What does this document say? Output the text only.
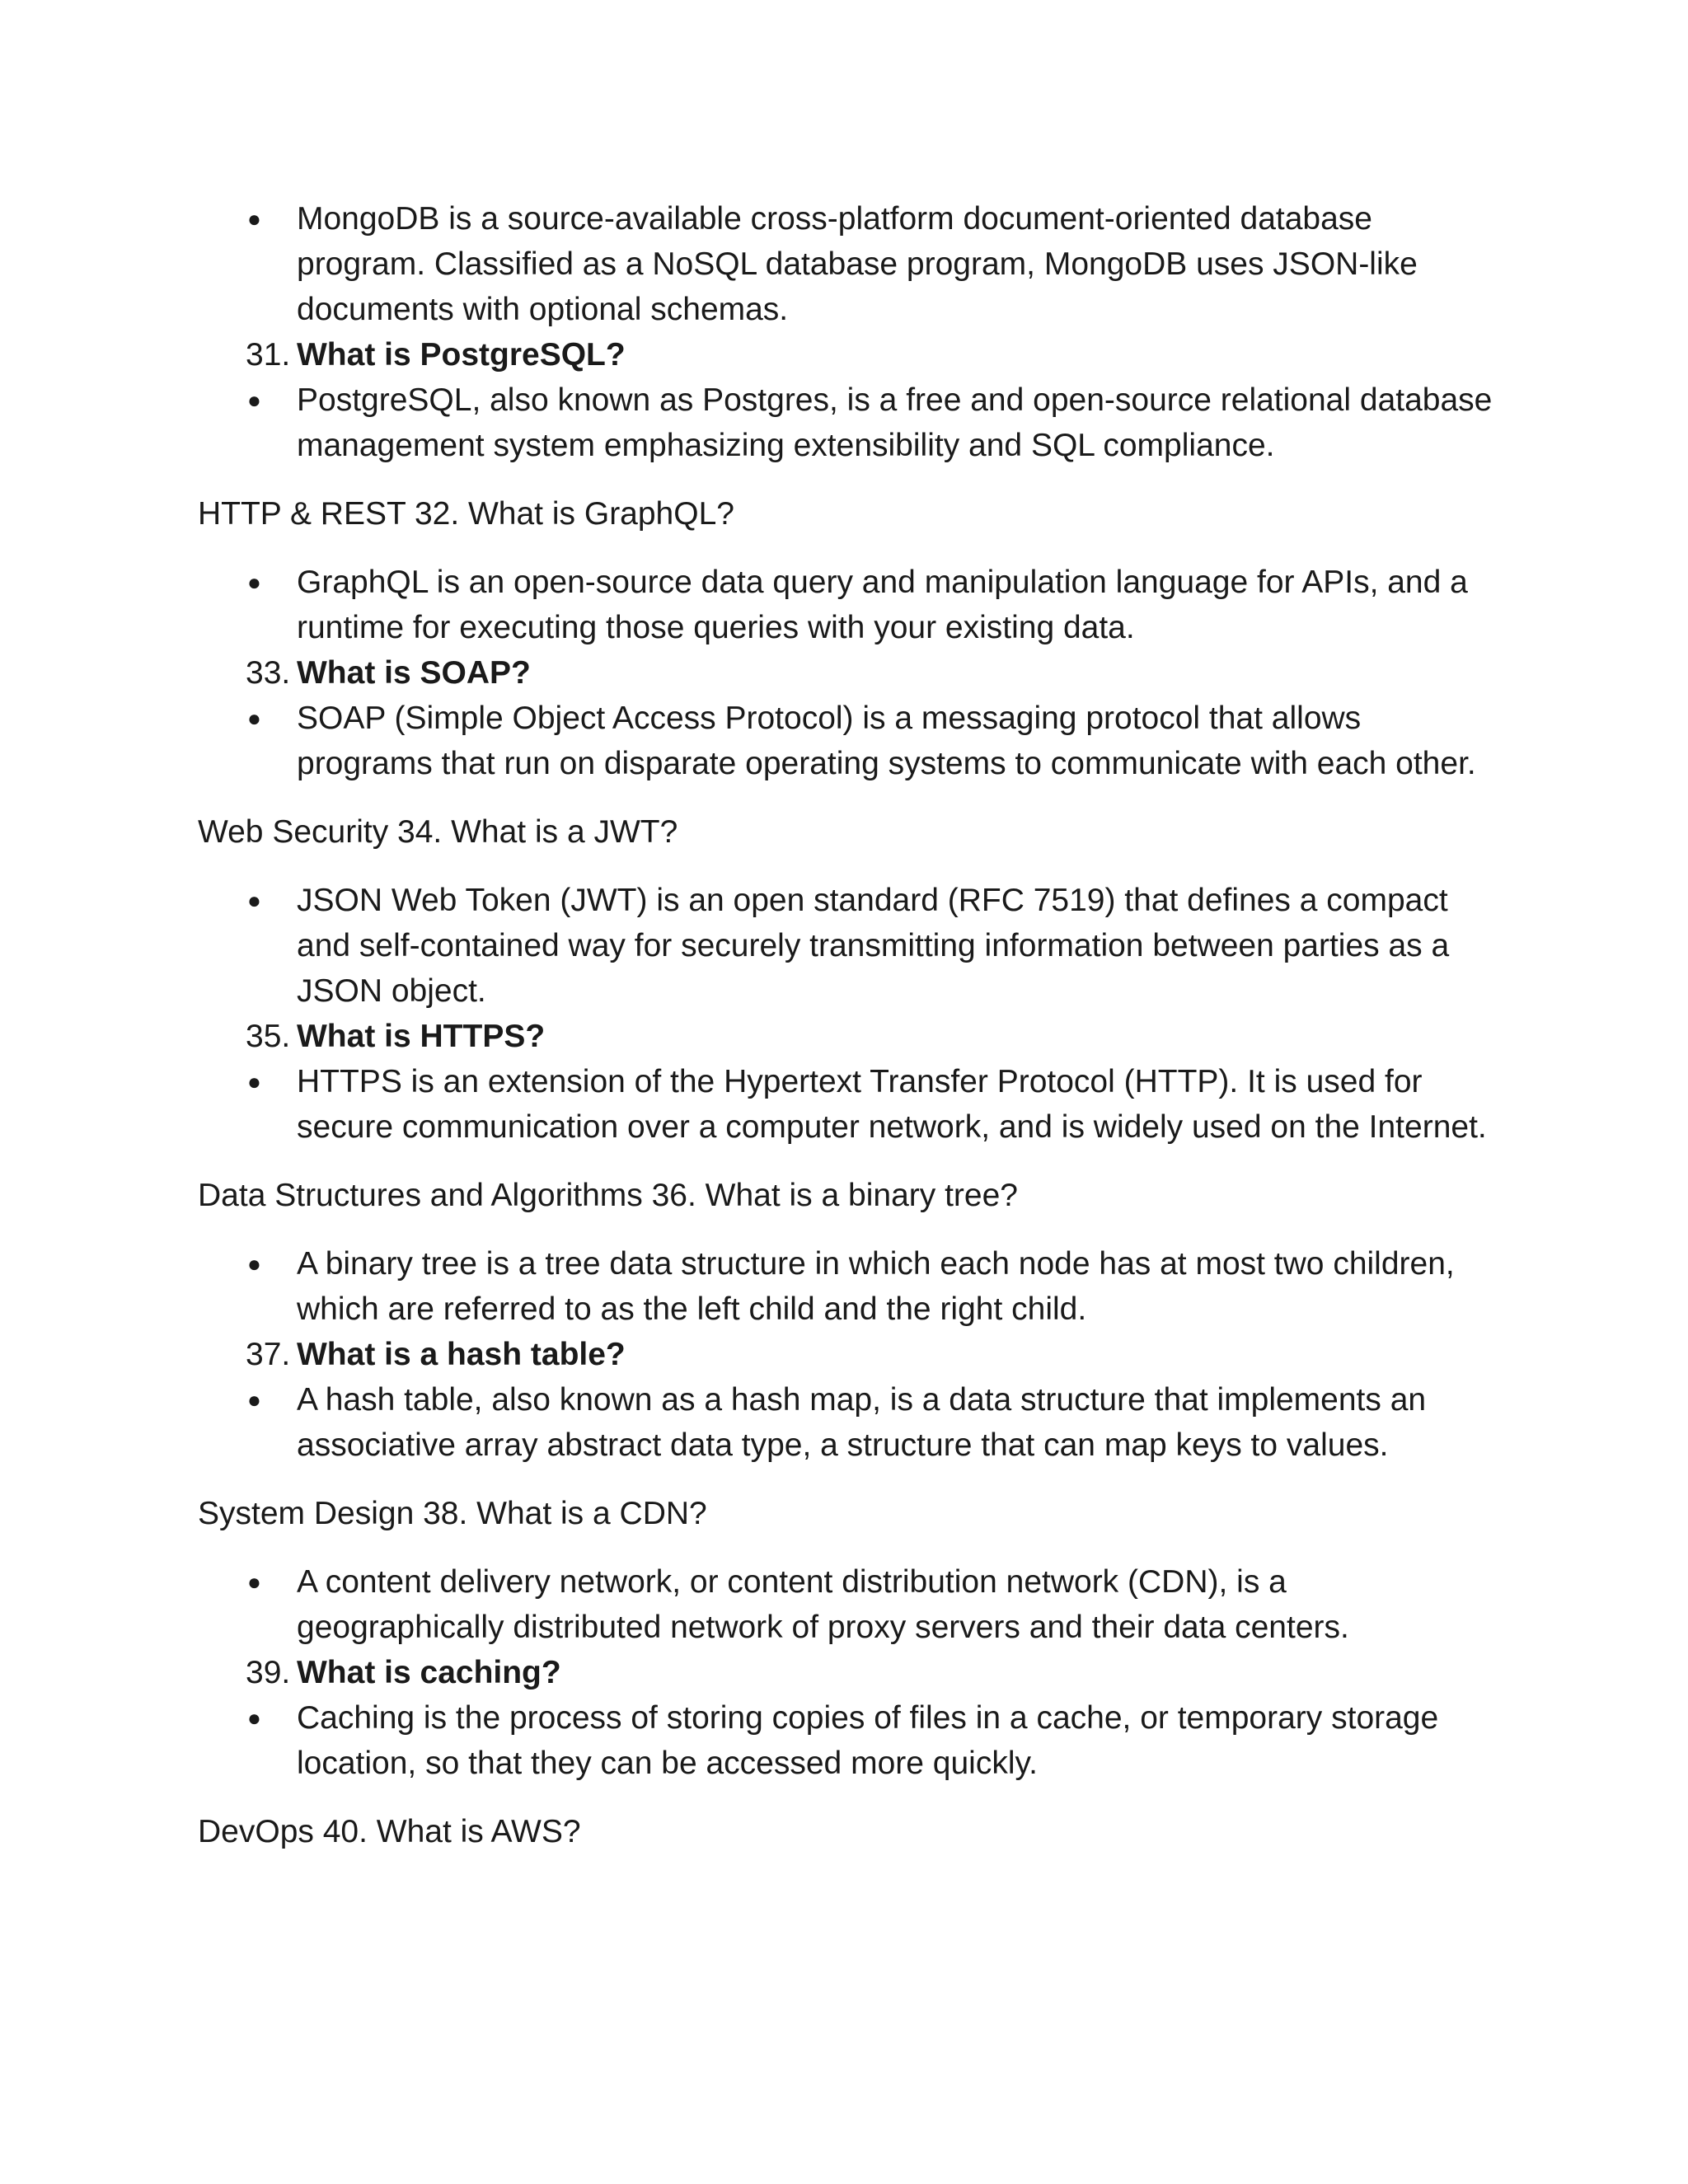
●	MongoDB is a source-available cross-platform document-oriented database program. Classified as a NoSQL database program, MongoDB uses JSON-like documents with optional schemas.
31. What is PostgreSQL?
●	PostgreSQL, also known as Postgres, is a free and open-source relational database management system emphasizing extensibility and SQL compliance.
HTTP & REST 32. What is GraphQL?
●	GraphQL is an open-source data query and manipulation language for APIs, and a runtime for executing those queries with your existing data.
33. What is SOAP?
●	SOAP (Simple Object Access Protocol) is a messaging protocol that allows programs that run on disparate operating systems to communicate with each other.
Web Security 34. What is a JWT?
●	JSON Web Token (JWT) is an open standard (RFC 7519) that defines a compact and self-contained way for securely transmitting information between parties as a JSON object.
35. What is HTTPS?
●	HTTPS is an extension of the Hypertext Transfer Protocol (HTTP). It is used for secure communication over a computer network, and is widely used on the Internet.
Data Structures and Algorithms 36. What is a binary tree?
●	A binary tree is a tree data structure in which each node has at most two children, which are referred to as the left child and the right child.
37. What is a hash table?
●	A hash table, also known as a hash map, is a data structure that implements an associative array abstract data type, a structure that can map keys to values.
System Design 38. What is a CDN?
●	A content delivery network, or content distribution network (CDN), is a geographically distributed network of proxy servers and their data centers.
39. What is caching?
●	Caching is the process of storing copies of files in a cache, or temporary storage location, so that they can be accessed more quickly.
DevOps 40. What is AWS?
